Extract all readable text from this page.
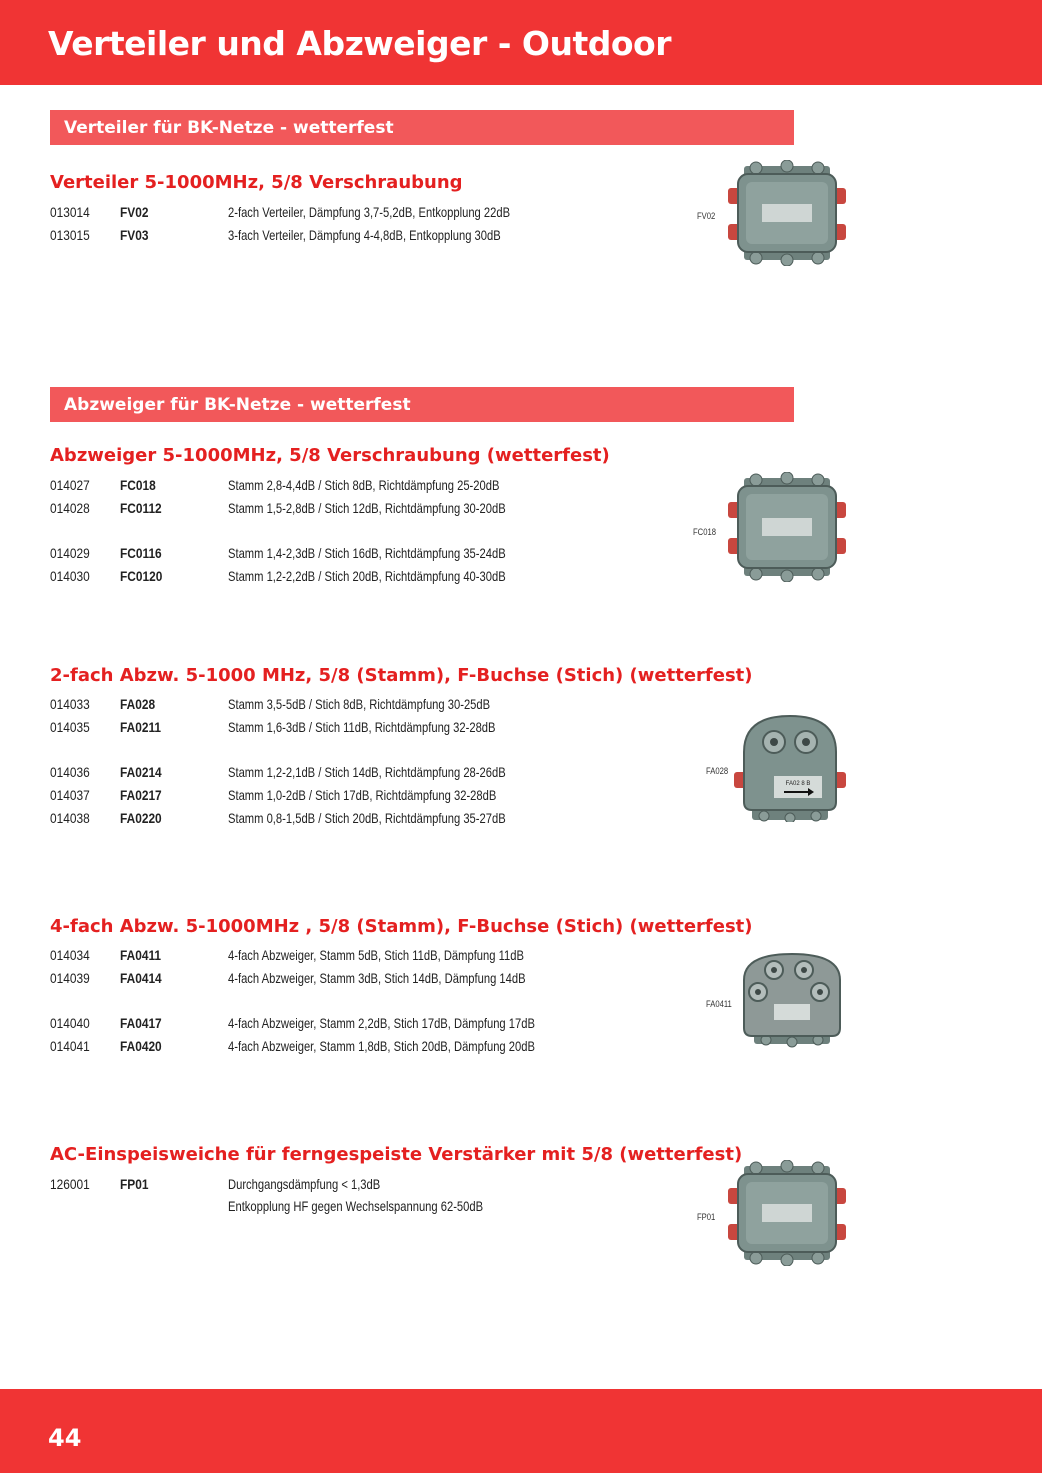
Verteiler und Abzweiger - Outdoor
Verteiler für BK-Netze - wetterfest
Verteiler 5-1000MHz, 5/8 Verschraubung
013014 FV02	2-fach Verteiler, Dämpfung 3,7-5,2dB, Entkopplung 22dB
013015 FV03	3-fach Verteiler, Dämpfung 4-4,8dB, Entkopplung 30dB
FV02
Abzweiger für BK-Netze - wetterfest
Abzweiger 5-1000MHz, 5/8 Verschraubung (wetterfest)
014027 FC018	Stamm 2,8-4,4dB / Stich 8dB, Richtdämpfung 25-20dB
014028 FC0112	Stamm 1,5-2,8dB / Stich 12dB, Richtdämpfung 30-20dB
014029 FC0116	Stamm 1,4-2,3dB / Stich 16dB, Richtdämpfung 35-24dB
014030 FC0120	Stamm 1,2-2,2dB / Stich 20dB, Richtdämpfung 40-30dB
FC018
2-fach Abzw. 5-1000 MHz, 5/8 (Stamm), F-Buchse (Stich) (wetterfest)
014033 FA028	Stamm 3,5-5dB / Stich 8dB, Richtdämpfung 30-25dB
014035 FA0211	Stamm 1,6-3dB / Stich 11dB, Richtdämpfung 32-28dB
014036 FA0214	Stamm 1,2-2,1dB / Stich 14dB, Richtdämpfung 28-26dB
014037 FA0217	Stamm 1,0-2dB / Stich 17dB, Richtdämpfung 32-28dB
014038 FA0220	Stamm 0,8-1,5dB / Stich 20dB, Richtdämpfung 35-27dB
FA028
FA02 8 B
4-fach Abzw. 5-1000MHz , 5/8 (Stamm), F-Buchse (Stich) (wetterfest)
014034 FA0411	4-fach Abzweiger, Stamm 5dB, Stich 11dB, Dämpfung 11dB
014039 FA0414	4-fach Abzweiger, Stamm 3dB, Stich 14dB, Dämpfung 14dB
014040 FA0417	4-fach Abzweiger, Stamm 2,2dB, Stich 17dB, Dämpfung 17dB
014041 FA0420	4-fach Abzweiger, Stamm 1,8dB, Stich 20dB, Dämpfung 20dB
FA0411
AC-Einspeisweiche für ferngespeiste Verstärker mit 5/8 (wetterfest)
126001 FP01	Durchgangsdämpfung < 1,3dB
Entkopplung HF gegen Wechselspannung 62-50dB
FP01
44
